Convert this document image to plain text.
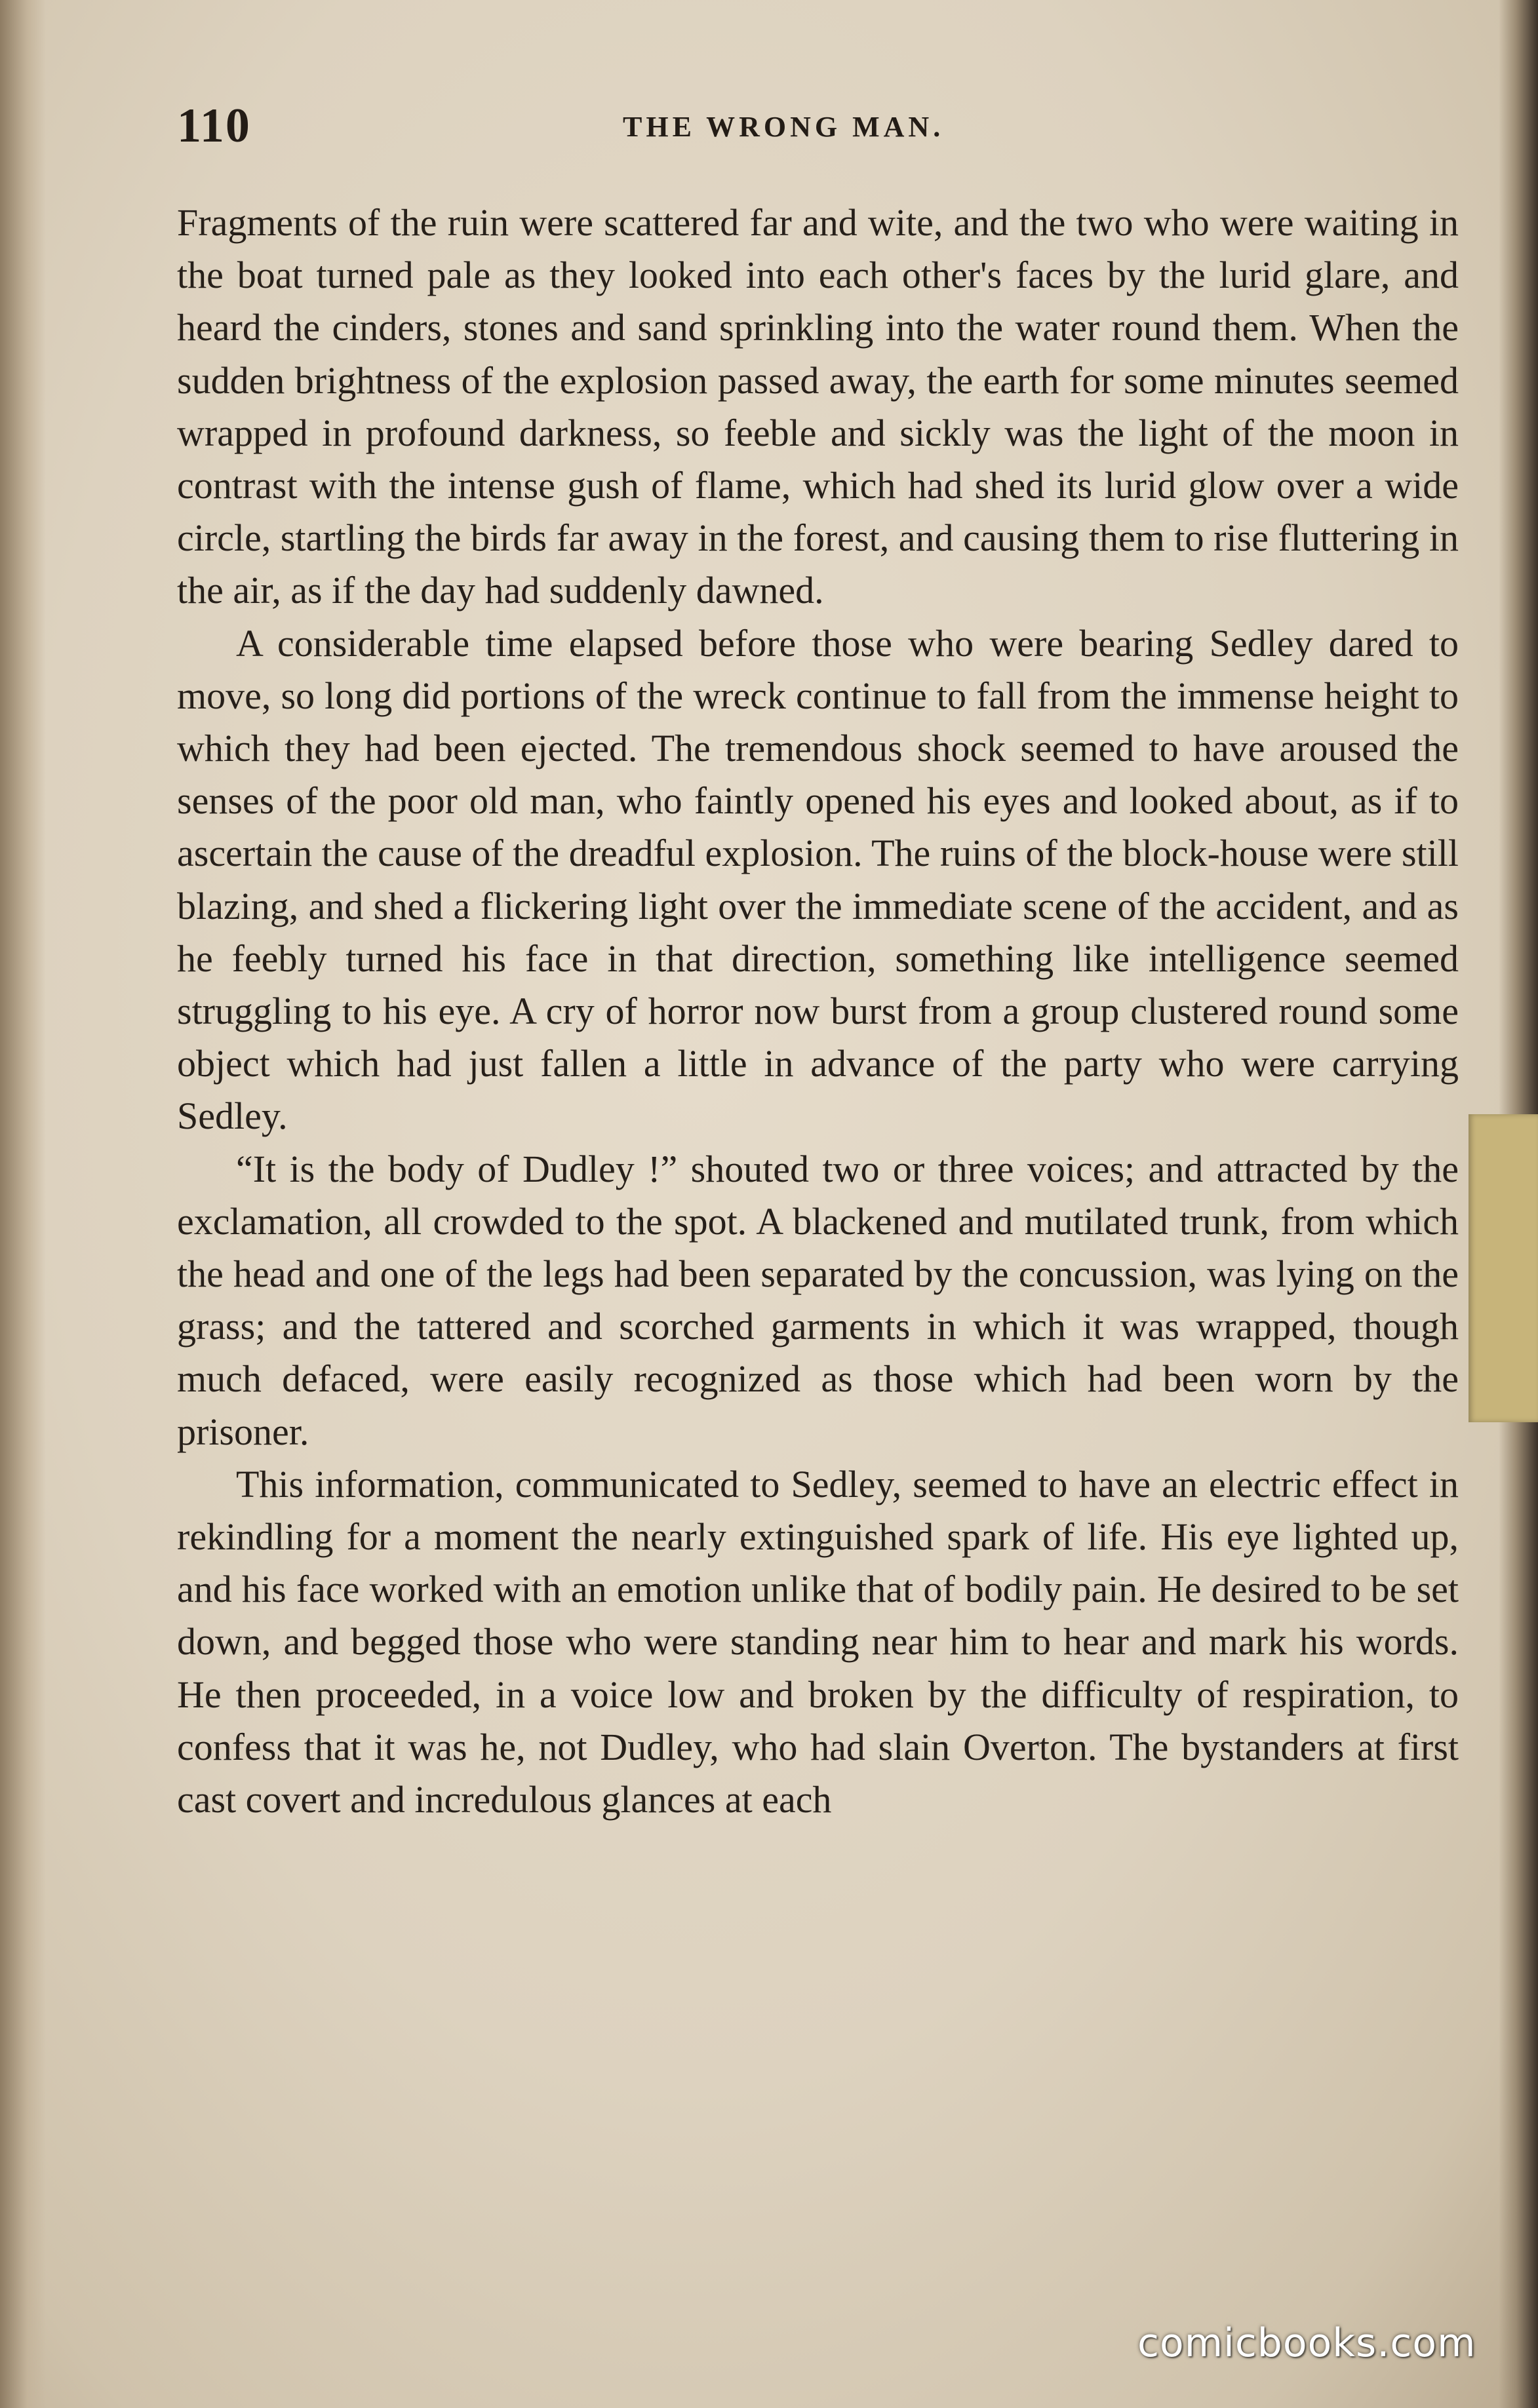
110	THE WRONG MAN.

Fragments of the ruin were scattered far and wite, and the two who were waiting in the boat turned pale as they looked into each other's faces by the lurid glare, and heard the cinders, stones and sand sprinkling into the water round them. When the sudden brightness of the explosion passed away, the earth for some minutes seemed wrapped in profound darkness, so feeble and sickly was the light of the moon in contrast with the intense gush of flame, which had shed its lurid glow over a wide circle, startling the birds far away in the forest, and causing them to rise fluttering in the air, as if the day had suddenly dawned.

A considerable time elapsed before those who were bearing Sedley dared to move, so long did portions of the wreck continue to fall from the immense height to which they had been ejected. The tremendous shock seemed to have aroused the senses of the poor old man, who faintly opened his eyes and looked about, as if to ascertain the cause of the dreadful explosion. The ruins of the block-house were still blazing, and shed a flickering light over the immediate scene of the accident, and as he feebly turned his face in that direction, something like intelligence seemed struggling to his eye. A cry of horror now burst from a group clustered round some object which had just fallen a little in advance of the party who were carrying Sedley.

“It is the body of Dudley !” shouted two or three voices; and attracted by the exclamation, all crowded to the spot. A blackened and mutilated trunk, from which the head and one of the legs had been separated by the concussion, was lying on the grass; and the tattered and scorched garments in which it was wrapped, though much defaced, were easily recognized as those which had been worn by the prisoner.

This information, communicated to Sedley, seemed to have an electric effect in rekindling for a moment the nearly extinguished spark of life. His eye lighted up, and his face worked with an emotion unlike that of bodily pain. He desired to be set down, and begged those who were standing near him to hear and mark his words. He then proceeded, in a voice low and broken by the difficulty of respiration, to confess that it was he, not Dudley, who had slain Overton. The bystanders at first cast covert and incredulous glances at each

comicbooks.com
